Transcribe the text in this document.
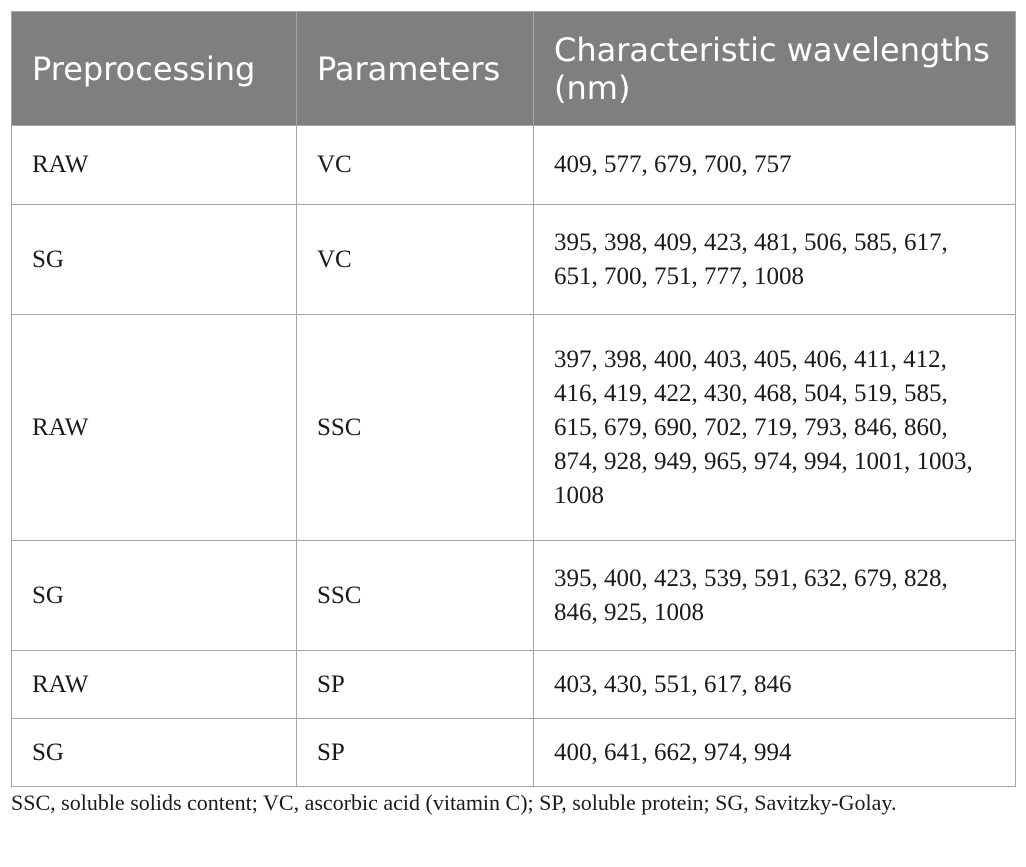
Preprocessing	Parameters	Characteristic wavelengths (nm)
RAW	VC	409, 577, 679, 700, 757
SG	VC	395, 398, 409, 423, 481, 506, 585, 617, 651, 700, 751, 777, 1008
RAW	SSC	397, 398, 400, 403, 405, 406, 411, 412, 416, 419, 422, 430, 468, 504, 519, 585, 615, 679, 690, 702, 719, 793, 846, 860, 874, 928, 949, 965, 974, 994, 1001, 1003, 1008
SG	SSC	395, 400, 423, 539, 591, 632, 679, 828, 846, 925, 1008
RAW	SP	403, 430, 551, 617, 846
SG	SP	400, 641, 662, 974, 994
SSC, soluble solids content; VC, ascorbic acid (vitamin C); SP, soluble protein; SG, Savitzky-Golay.
